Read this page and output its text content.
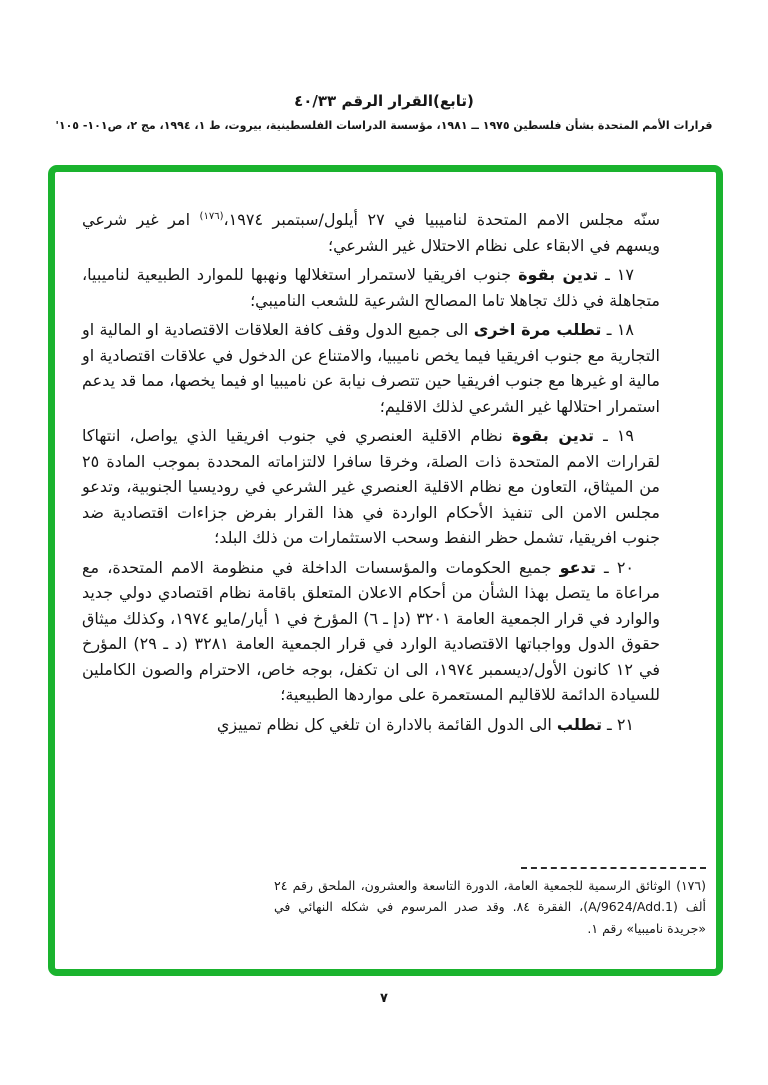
(تابع)القرار الرقم ٤٠/٣٣
قرارات الأمم المتحدة بشأن فلسطين ١٩٧٥ ــ ١٩٨١، مؤسسة الدراسات الفلسطينية، بيروت، ط ١، ١٩٩٤، مج ٢، ص١٠١- ١٠٥'

سنّه مجلس الامم المتحدة لناميبيا في ٢٧ أيلول/سبتمبر ١٩٧٤،$^{(١٧٦)}$ امر غير شرعي ويسهم في الابقاء على نظام الاحتلال غير الشرعي؛

١٧ ـ تدين بقوة جنوب افريقيا لاستمرار استغلالها ونهبها للموارد الطبيعية لناميبيا، متجاهلة في ذلك تجاهلا تاما المصالح الشرعية للشعب الناميبي؛

١٨ ـ تطلب مرة اخرى الى جميع الدول وقف كافة العلاقات الاقتصادية او المالية او التجارية مع جنوب افريقيا فيما يخص ناميبيا، والامتناع عن الدخول في علاقات اقتصادية او مالية او غيرها مع جنوب افريقيا حين تتصرف نيابة عن ناميبيا او فيما يخصها، مما قد يدعم استمرار احتلالها غير الشرعي لذلك الاقليم؛

١٩ ـ تدين بقوة نظام الاقلية العنصري في جنوب افريقيا الذي يواصل، انتهاكا لقرارات الامم المتحدة ذات الصلة، وخرقا سافرا لالتزاماته المحددة بموجب المادة ٢٥ من الميثاق، التعاون مع نظام الاقلية العنصري غير الشرعي في روديسيا الجنوبية، وتدعو مجلس الامن الى تنفيذ الأحكام الواردة في هذا القرار بفرض جزاءات اقتصادية ضد جنوب افريقيا، تشمل حظر النفط وسحب الاستثمارات من ذلك البلد؛

٢٠ ـ تدعو جميع الحكومات والمؤسسات الداخلة في منظومة الامم المتحدة، مع مراعاة ما يتصل بهذا الشأن من أحكام الاعلان المتعلق باقامة نظام اقتصادي دولي جديد والوارد في قرار الجمعية العامة ٣٢٠١ (دإ ـ ٦) المؤرخ في ١ أيار/مايو ١٩٧٤، وكذلك ميثاق حقوق الدول وواجباتها الاقتصادية الوارد في قرار الجمعية العامة ٣٢٨١ (د ـ ٢٩) المؤرخ في ١٢ كانون الأول/ديسمبر ١٩٧٤، الى ان تكفل، بوجه خاص، الاحترام والصون الكاملين للسيادة الدائمة للاقاليم المستعمرة على مواردها الطبيعية؛

٢١ ـ تطلب الى الدول القائمة بالادارة ان تلغي كل نظام تمييزي

(١٧٦) الوثائق الرسمية للجمعية العامة، الدورة التاسعة والعشرون، الملحق رقم ٢٤ ألف (A/9624/Add.1)، الفقرة ٨٤. وقد صدر المرسوم في شكله النهائي في «جريدة ناميبيا» رقم ١.

٧
